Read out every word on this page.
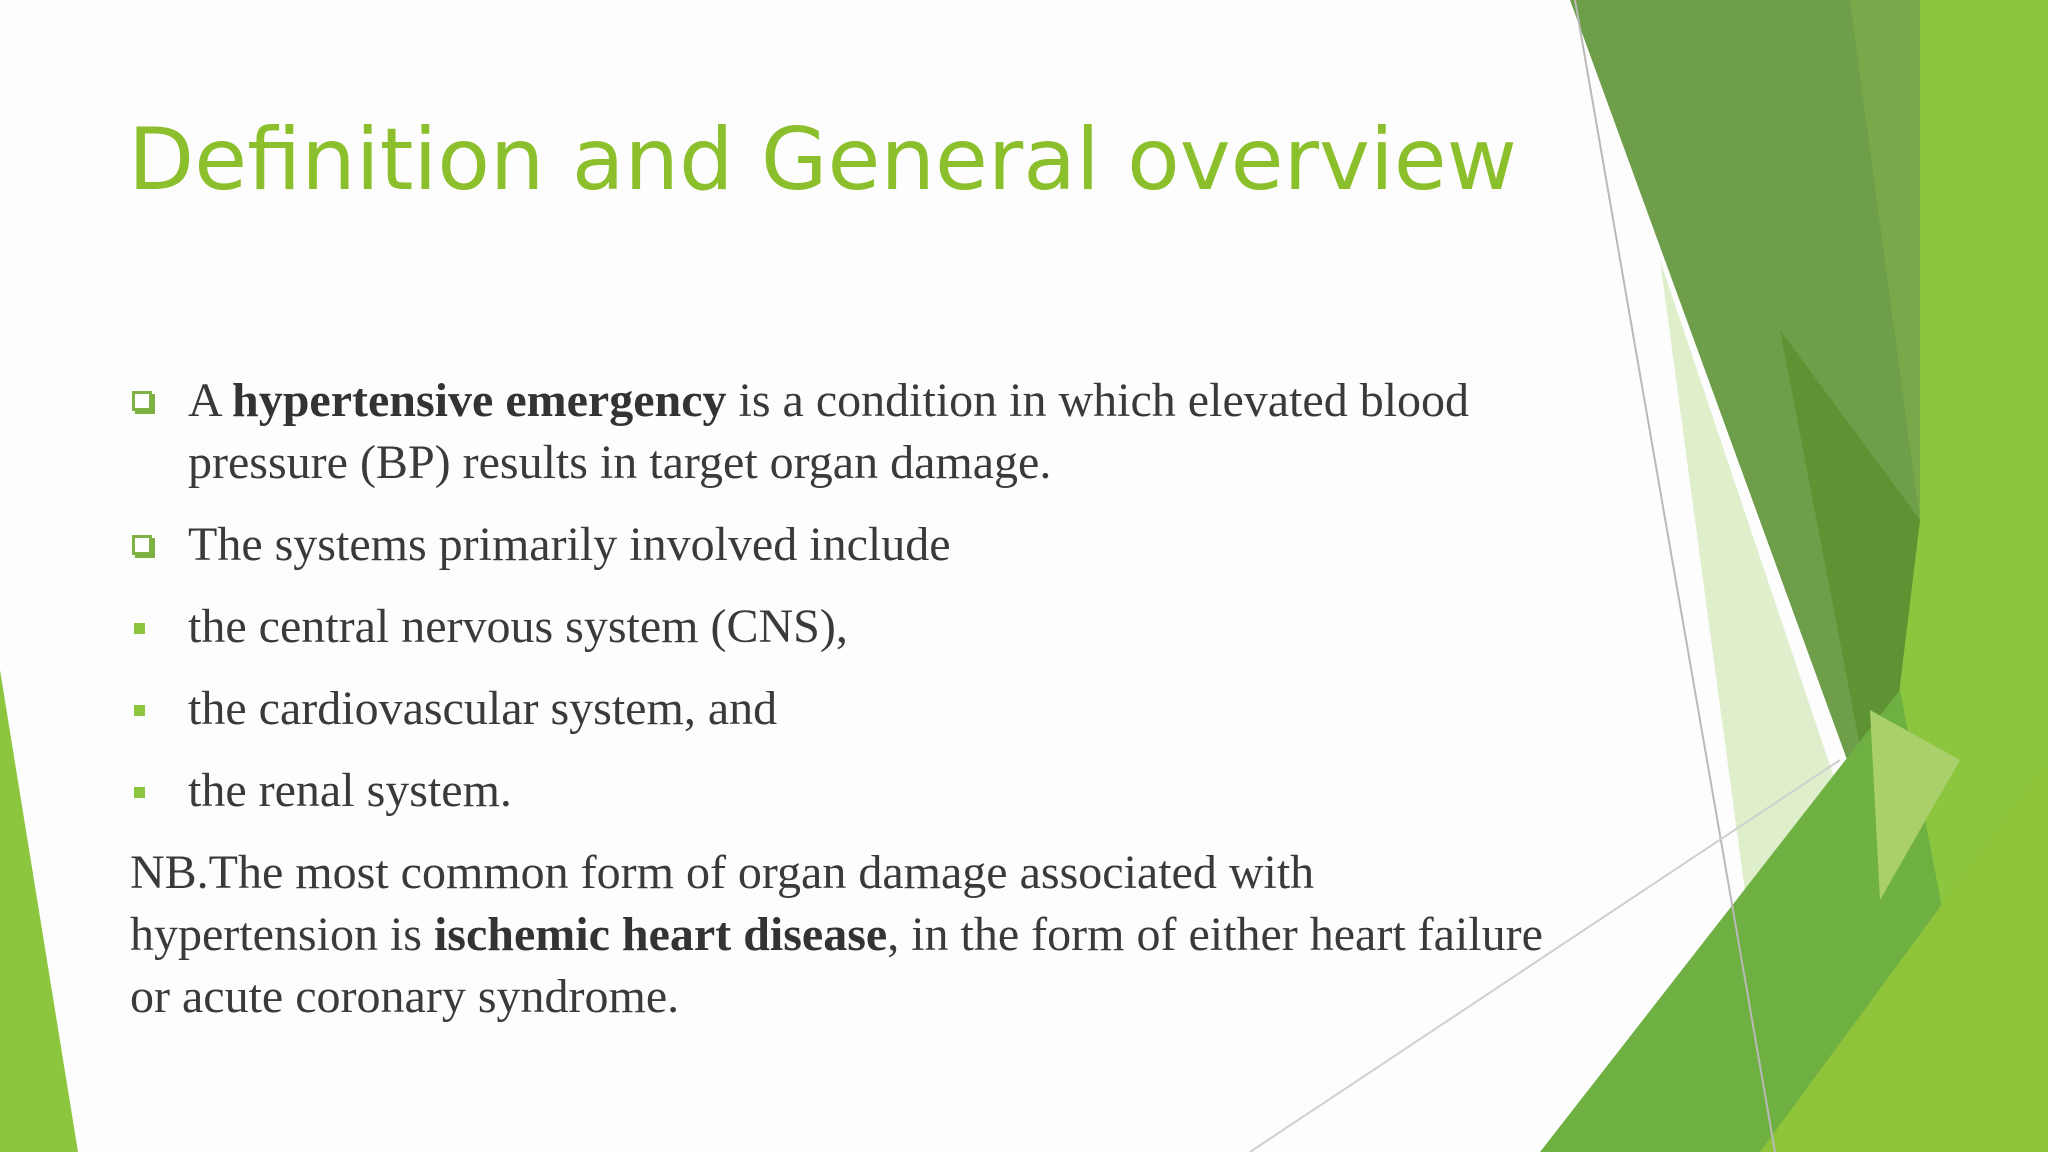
Definition and General overview
A hypertensive emergency is a condition in which elevated blood pressure (BP) results in target organ damage.
The systems primarily involved include
the central nervous system (CNS),
the cardiovascular system, and
the renal system.
NB.The most common form of organ damage associated with hypertension is ischemic heart disease, in the form of either heart failure or acute coronary syndrome.
